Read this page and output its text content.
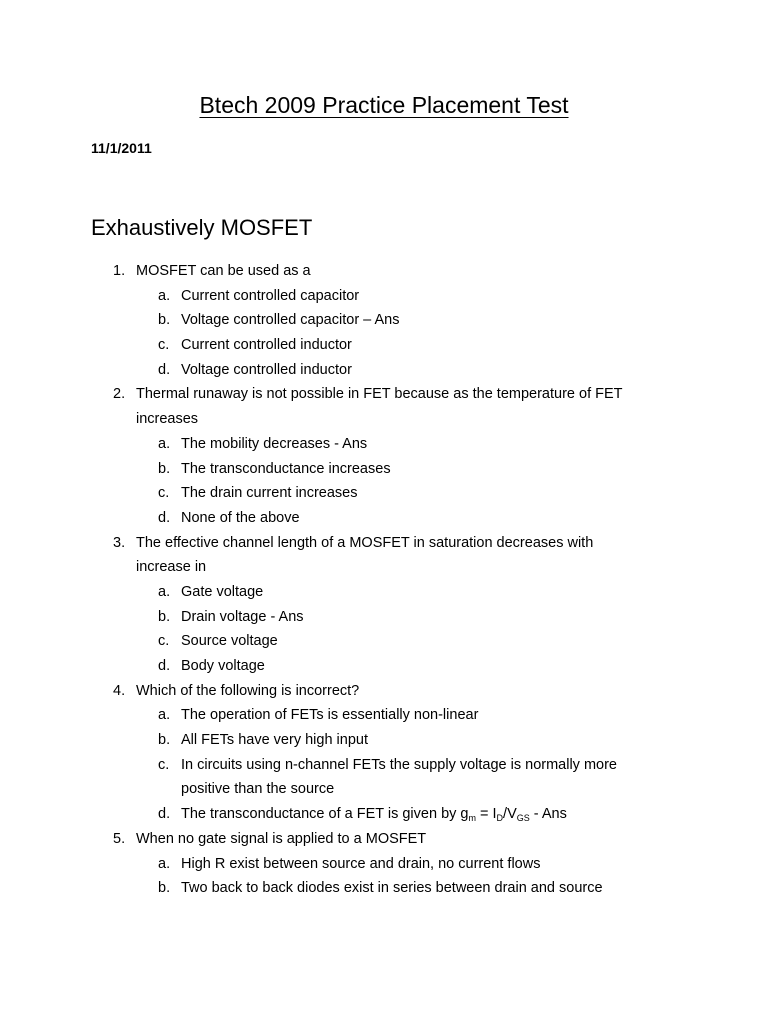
Btech 2009 Practice Placement Test
11/1/2011
Exhaustively MOSFET
1. MOSFET can be used as a
a. Current controlled capacitor
b. Voltage controlled capacitor – Ans
c. Current controlled inductor
d. Voltage controlled inductor
2. Thermal runaway is not possible in FET because as the temperature of FET
increases
a. The mobility decreases - Ans
b. The transconductance increases
c. The drain current increases
d. None of the above
3. The effective channel length of a MOSFET in saturation decreases with
increase in
a. Gate voltage
b. Drain voltage - Ans
c. Source voltage
d. Body voltage
4. Which of the following is incorrect?
a. The operation of FETs is essentially non-linear
b. All FETs have very high input
c. In circuits using n-channel FETs the supply voltage is normally more
positive than the source
d. The transconductance of a FET is given by $g_m = I_D/V_{GS}$ - Ans
5. When no gate signal is applied to a MOSFET
a. High R exist between source and drain, no current flows
b. Two back to back diodes exist in series between drain and source
